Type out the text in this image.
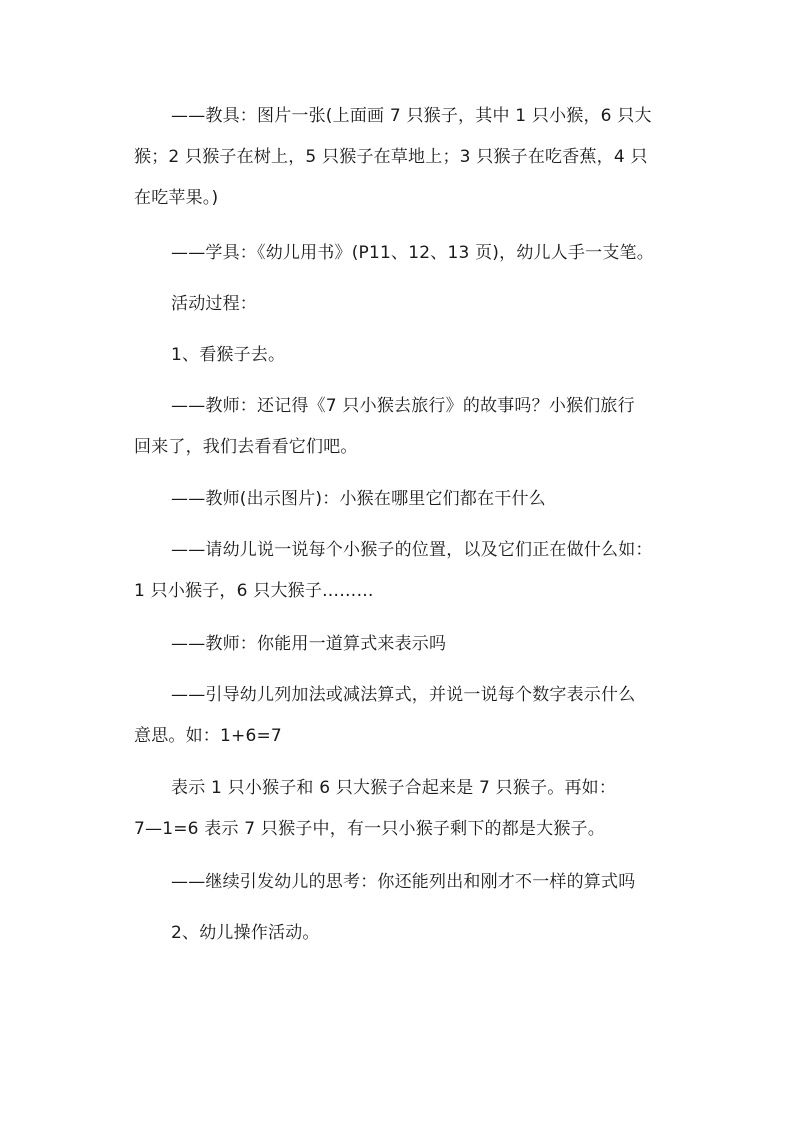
——教具：图片一张(上面画 7 只猴子，其中 1 只小猴，6 只大
猴；2 只猴子在树上，5 只猴子在草地上；3 只猴子在吃香蕉，4 只
在吃苹果。)

——学具：《幼儿用书》(P11、12、13 页)，幼儿人手一支笔。

活动过程：

1、看猴子去。

——教师：还记得《7 只小猴去旅行》的故事吗？小猴们旅行
回来了，我们去看看它们吧。

——教师(出示图片)：小猴在哪里它们都在干什么

——请幼儿说一说每个小猴子的位置，以及它们正在做什么如：
1 只小猴子，6 只大猴子………

——教师：你能用一道算式来表示吗

——引导幼儿列加法或减法算式，并说一说每个数字表示什么
意思。如：1+6=7

表示 1 只小猴子和 6 只大猴子合起来是 7 只猴子。再如：
7—1=6 表示 7 只猴子中，有一只小猴子剩下的都是大猴子。

——继续引发幼儿的思考：你还能列出和刚才不一样的算式吗

2、幼儿操作活动。
